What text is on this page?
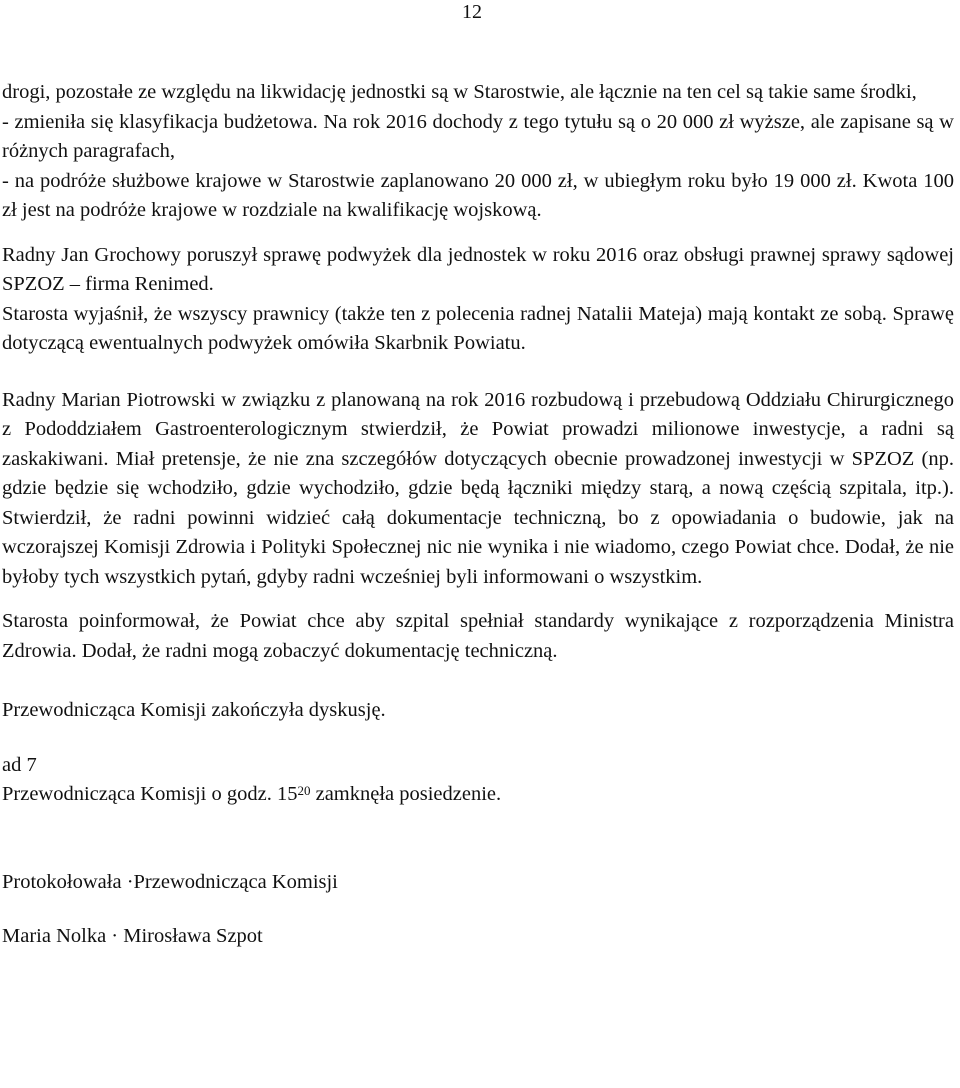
12

drogi, pozostałe ze względu na likwidację jednostki są w Starostwie, ale łącznie na ten cel są takie same środki,

- zmieniła się klasyfikacja budżetowa. Na rok 2016 dochody z tego tytułu są o 20 000 zł wyższe, ale zapisane są w różnych paragrafach,

- na podróże służbowe krajowe w Starostwie zaplanowano 20 000 zł, w ubiegłym roku było 19 000 zł. Kwota 100 zł jest na podróże krajowe w rozdziale na kwalifikację wojskową.

Radny Jan Grochowy poruszył sprawę podwyżek dla jednostek w roku 2016 oraz obsługi prawnej sprawy sądowej SPZOZ – firma Renimed.

Starosta wyjaśnił, że wszyscy prawnicy (także ten z polecenia radnej Natalii Mateja) mają kontakt ze sobą. Sprawę dotyczącą ewentualnych podwyżek omówiła Skarbnik Powiatu.

Radny Marian Piotrowski w związku z planowaną na rok 2016 rozbudową i przebudową Oddziału Chirurgicznego z Pododdziałem Gastroenterologicznym stwierdził, że Powiat prowadzi milionowe inwestycje, a radni są zaskakiwani. Miał pretensje, że nie zna szczegółów dotyczących obecnie prowadzonej inwestycji w SPZOZ (np. gdzie będzie się wchodziło, gdzie wychodziło, gdzie będą łączniki między starą, a nową częścią szpitala, itp.). Stwierdził, że radni powinni widzieć całą dokumentacje techniczną, bo z opowiadania o budowie, jak na wczorajszej Komisji Zdrowia i Polityki Społecznej nic nie wynika i nie wiadomo, czego Powiat chce. Dodał, że nie byłoby tych wszystkich pytań, gdyby radni wcześniej byli informowani o wszystkim.

Starosta poinformował, że Powiat chce aby szpital spełniał standardy wynikające z rozporządzenia Ministra Zdrowia. Dodał, że radni mogą zobaczyć dokumentację techniczną.

Przewodnicząca Komisji zakończyła dyskusję.

ad 7

Przewodnicząca Komisji o godz. $15^{20}$ zamknęła posiedzenie.

Protokołowała ·Przewodnicząca Komisji

Maria Nolka · Mirosława Szpot
